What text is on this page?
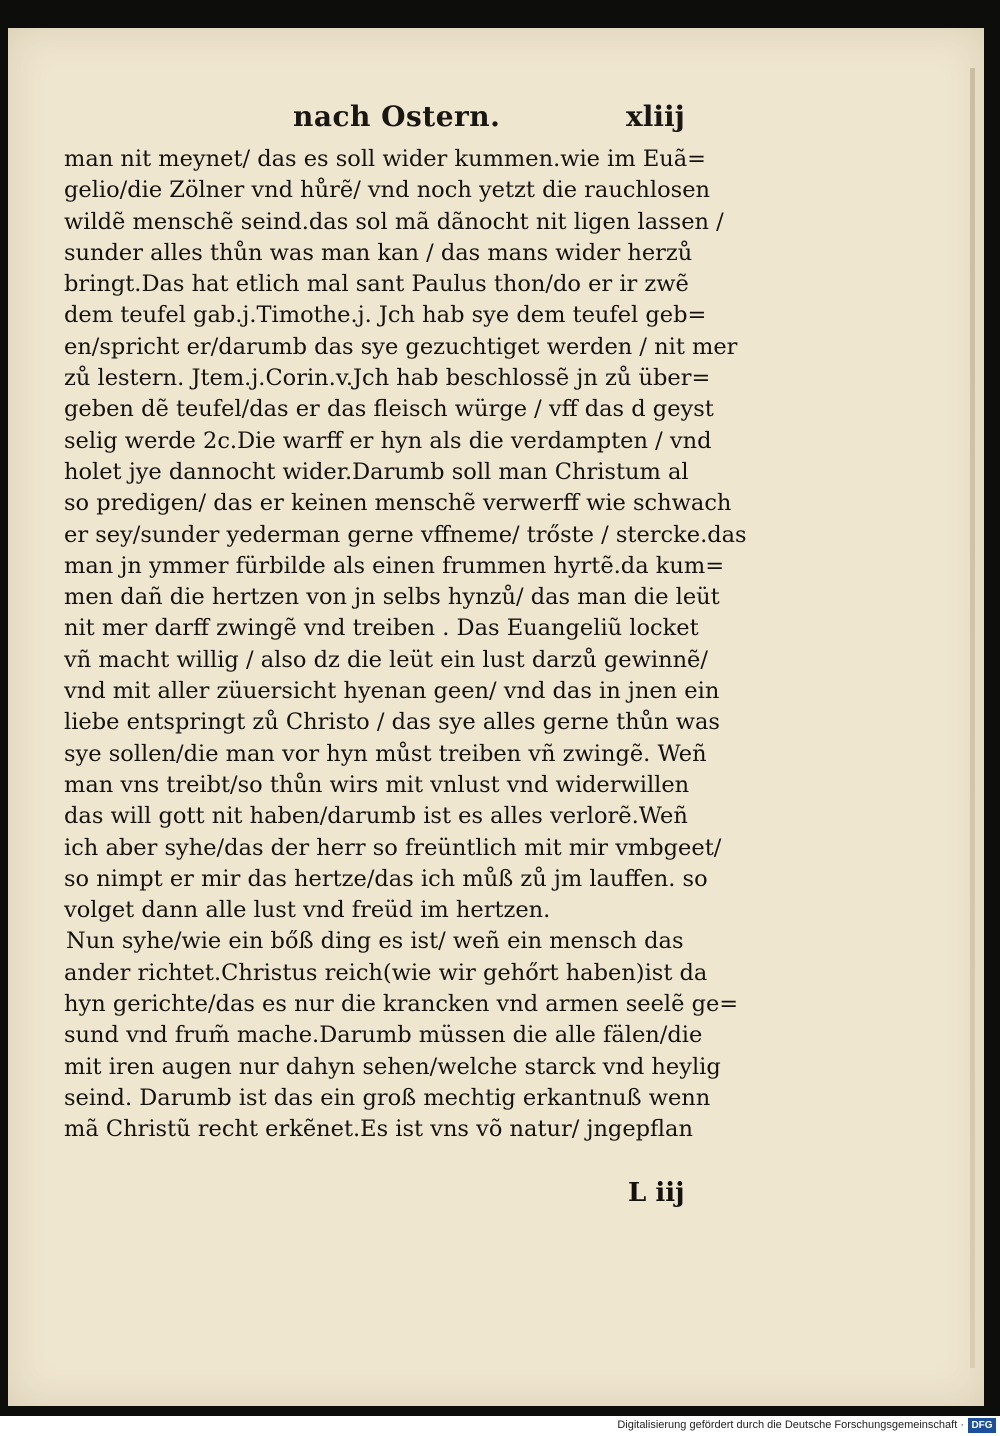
nach Ostern.	xliij
man nit meynet/ das es soll wider kummen.wie im Euã=
gelio/die Zölner vnd hůrẽ/ vnd noch yetzt die rauchlosen
wildẽ menschẽ seind.das sol mã dãnocht nit ligen lassen /
sunder alles thůn was man kan / das mans wider herzů
bringt.Das hat etlich mal sant Paulus thon/do er ir zwẽ
dem teufel gab.j.Timothe.j. Jch hab sye dem teufel geb=
en/spricht er/darumb das sye gezuchtiget werden / nit mer
zů lestern. Jtem.j.Corin.v.Jch hab beschlossẽ jn zů über=
geben dẽ teufel/das er das fleisch würge / vff das d geyst
selig werde 2c.Die warff er hyn als die verdampten / vnd
holet jye dannocht wider.Darumb soll man Christum al
so predigen/ das er keinen menschẽ verwerff wie schwach
er sey/sunder yederman gerne vffneme/ trőste / stercke.das
man jn ymmer fürbilde als einen frummen hyrtẽ.da kum=
men dañ die hertzen von jn selbs hynzů/ das man die leüt
nit mer darff zwingẽ vnd treiben . Das Euangeliũ locket
vñ macht willig / also dz die leüt ein lust darzů gewinnẽ/
vnd mit aller züuersicht hyenan geen/ vnd das in jnen ein
liebe entspringt zů Christo / das sye alles gerne thůn was
sye sollen/die man vor hyn můst treiben vñ zwingẽ. Weñ
man vns treibt/so thůn wirs mit vnlust vnd widerwillen
das will gott nit haben/darumb ist es alles verlorẽ.Weñ
ich aber syhe/das der herr so freüntlich mit mir vmbgeet/
so nimpt er mir das hertze/das ich můß zů jm lauffen. so
volget dann alle lust vnd freüd im hertzen.
Nun syhe/wie ein bőß ding es ist/ weñ ein mensch das
ander richtet.Christus reich(wie wir gehőrt haben)ist da
hyn gerichte/das es nur die krancken vnd armen seelẽ ge=
sund vnd frum̃ mache.Darumb müssen die alle fälen/die
mit iren augen nur dahyn sehen/welche starck vnd heylig
seind. Darumb ist das ein groß mechtig erkantnuß wenn
mã Christũ recht erkẽnet.Es ist vns võ natur/ jngepflan
L iij
Digitalisierung gefördert durch die Deutsche Forschungsgemeinschaft · DFG
